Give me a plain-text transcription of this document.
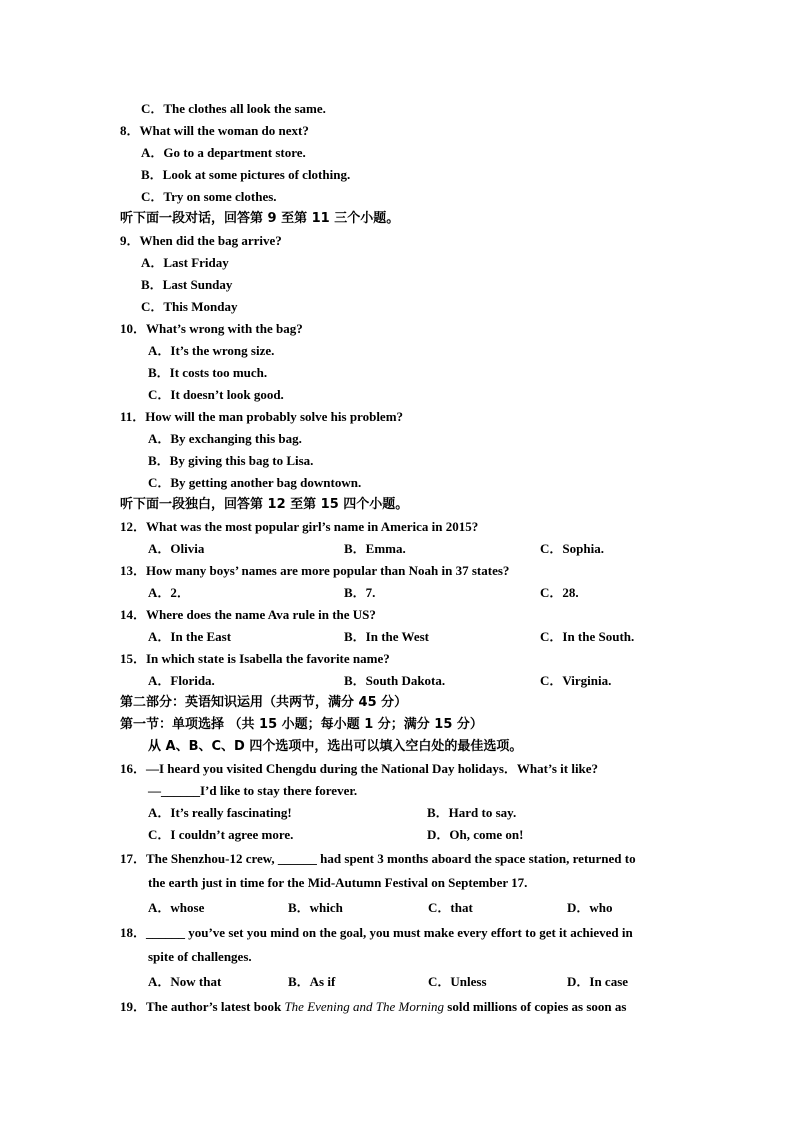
C．The clothes all look the same.
8．What will the woman do next?
A．Go to a department store.
B．Look at some pictures of clothing.
C．Try on some clothes.
听下面一段对话，回答第 9 至第 11 三个小题。
9．When did the bag arrive?
A．Last Friday
B．Last Sunday
C．This Monday
10．What’s wrong with the bag?
A．It’s the wrong size.
B．It costs too much.
C．It doesn’t look good.
11．How will the man probably solve his problem?
A．By exchanging this bag.
B．By giving this bag to Lisa.
C．By getting another bag downtown.
听下面一段独白，回答第 12 至第 15 四个小题。
12．What was the most popular girl’s name in America in 2015?
A．Olivia	B．Emma.	C．Sophia.
13．How many boys’ names are more popular than Noah in 37 states?
A．2．	B．7.	C．28.
14．Where does the name Ava rule in the US?
A．In the East	B．In the West	C．In the South.
15．In which state is Isabella the favorite name?
A．Florida.	B．South Dakota.	C．Virginia.
第二部分：英语知识运用（共两节，满分 45 分）
第一节：单项选择 （共 15 小题；每小题 1 分；满分 15 分）
从 A、B、C、D 四个选项中，选出可以填入空白处的最佳选项。
16．—I heard you visited Chengdu during the National Day holidays．What’s it like?
—______I’d like to stay there forever.
A．It’s really fascinating!	B．Hard to say.
C．I couldn’t agree more.	D．Oh, come on!
17．The Shenzhou-12 crew, ______ had spent 3 months aboard the space station, returned to
the earth just in time for the Mid-Autumn Festival on September 17.
A．whose	B．which	C．that	D．who
18．______ you’ve set you mind on the goal, you must make every effort to get it achieved in
spite of challenges.
A．Now that	B．As if	C．Unless	D．In case
19．The author’s latest book The Evening and The Morning sold millions of copies as soon as
